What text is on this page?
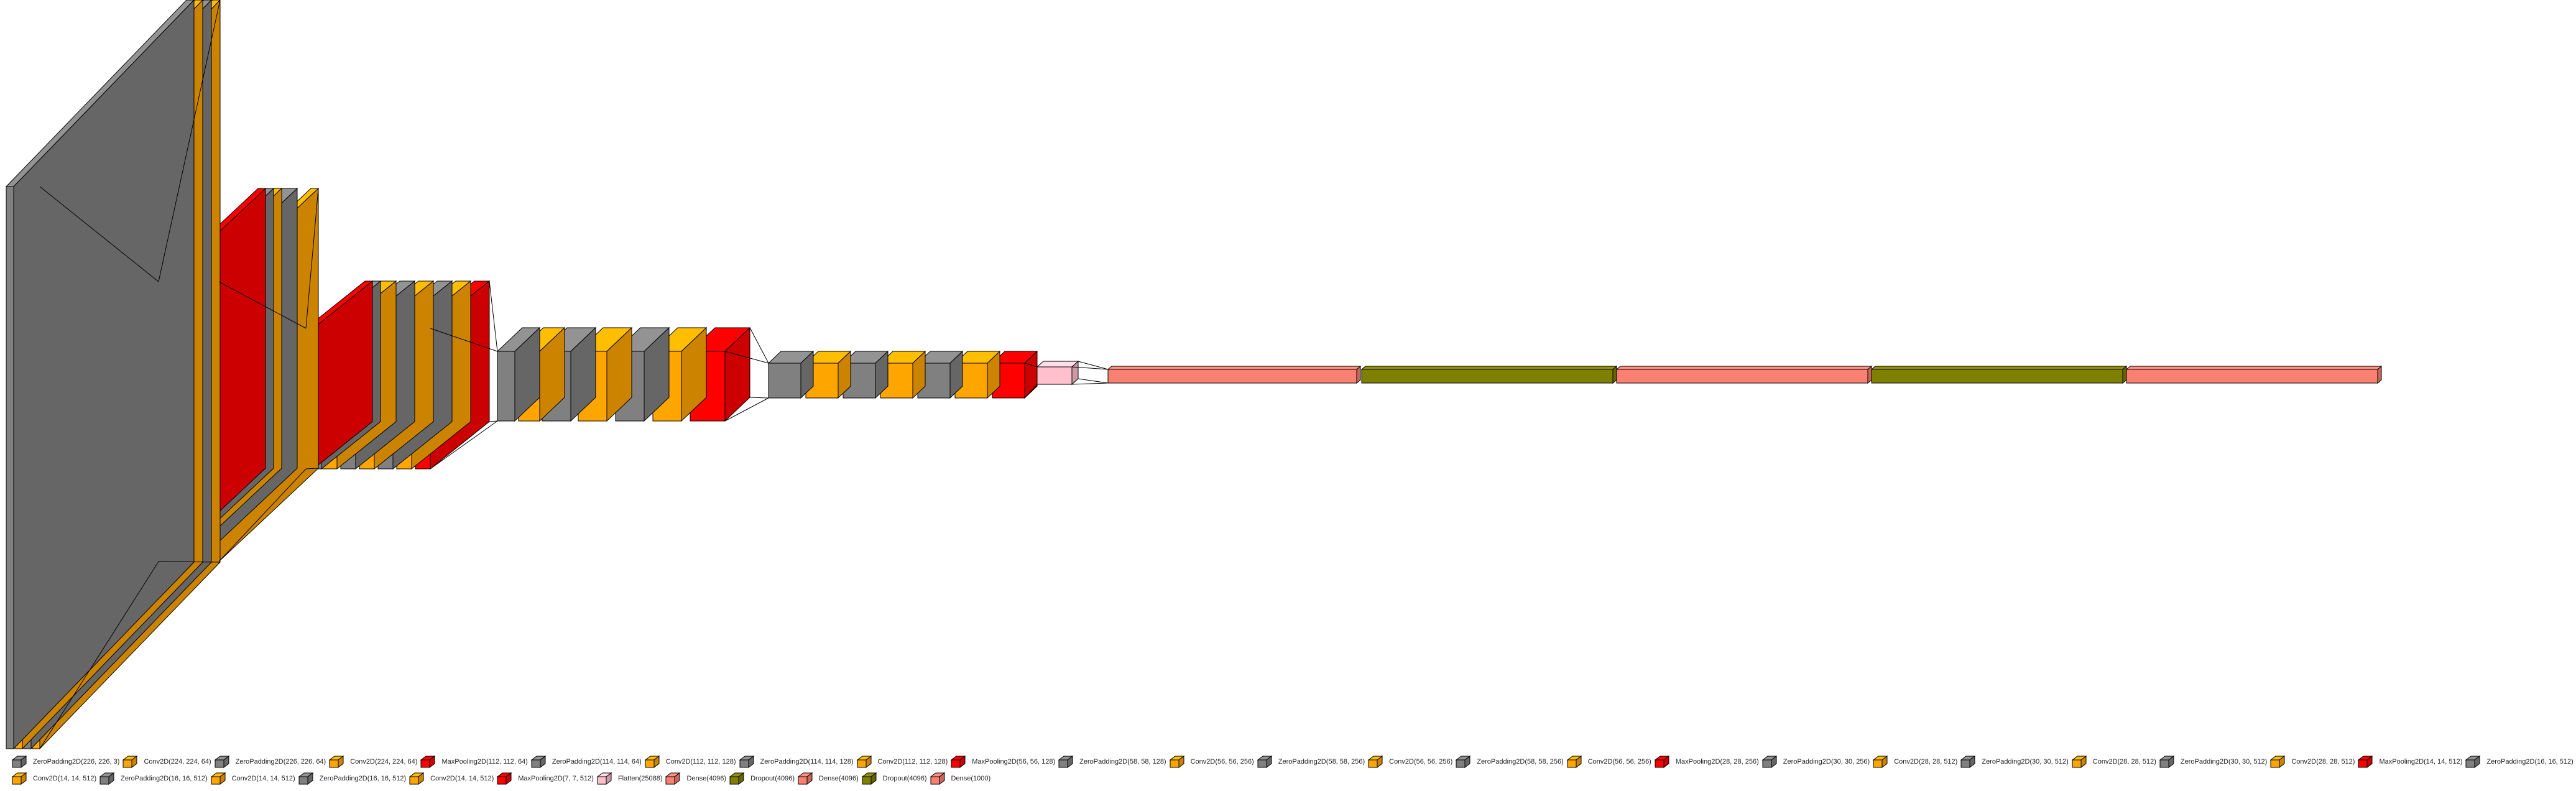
ZeroPadding2D(226, 226, 3)	Conv2D(224, 224, 64)	ZeroPadding2D(226, 226, 64)	Conv2D(224, 224, 64)	MaxPooling2D(112, 112, 64)	ZeroPadding2D(114, 114, 64)	Conv2D(112, 112, 128)	ZeroPadding2D(114, 114, 128)	Conv2D(112, 112, 128)	MaxPooling2D(56, 56, 128)	ZeroPadding2D(58, 58, 128)	Conv2D(56, 56, 256)	ZeroPadding2D(58, 58, 256)	Conv2D(56, 56, 256)	ZeroPadding2D(58, 58, 256)	Conv2D(56, 56, 256)	MaxPooling2D(28, 28, 256)	ZeroPadding2D(30, 30, 256)	Conv2D(28, 28, 512)	ZeroPadding2D(30, 30, 512)	Conv2D(28, 28, 512)	ZeroPadding2D(30, 30, 512)	Conv2D(28, 28, 512)	MaxPooling2D(14, 14, 512)	ZeroPadding2D(16, 16, 512)
Conv2D(14, 14, 512)	ZeroPadding2D(16, 16, 512)	Conv2D(14, 14, 512)	ZeroPadding2D(16, 16, 512)	Conv2D(14, 14, 512)	MaxPooling2D(7, 7, 512)	Flatten(25088)	Dense(4096)	Dropout(4096)	Dense(4096)	Dropout(4096)	Dense(1000)
